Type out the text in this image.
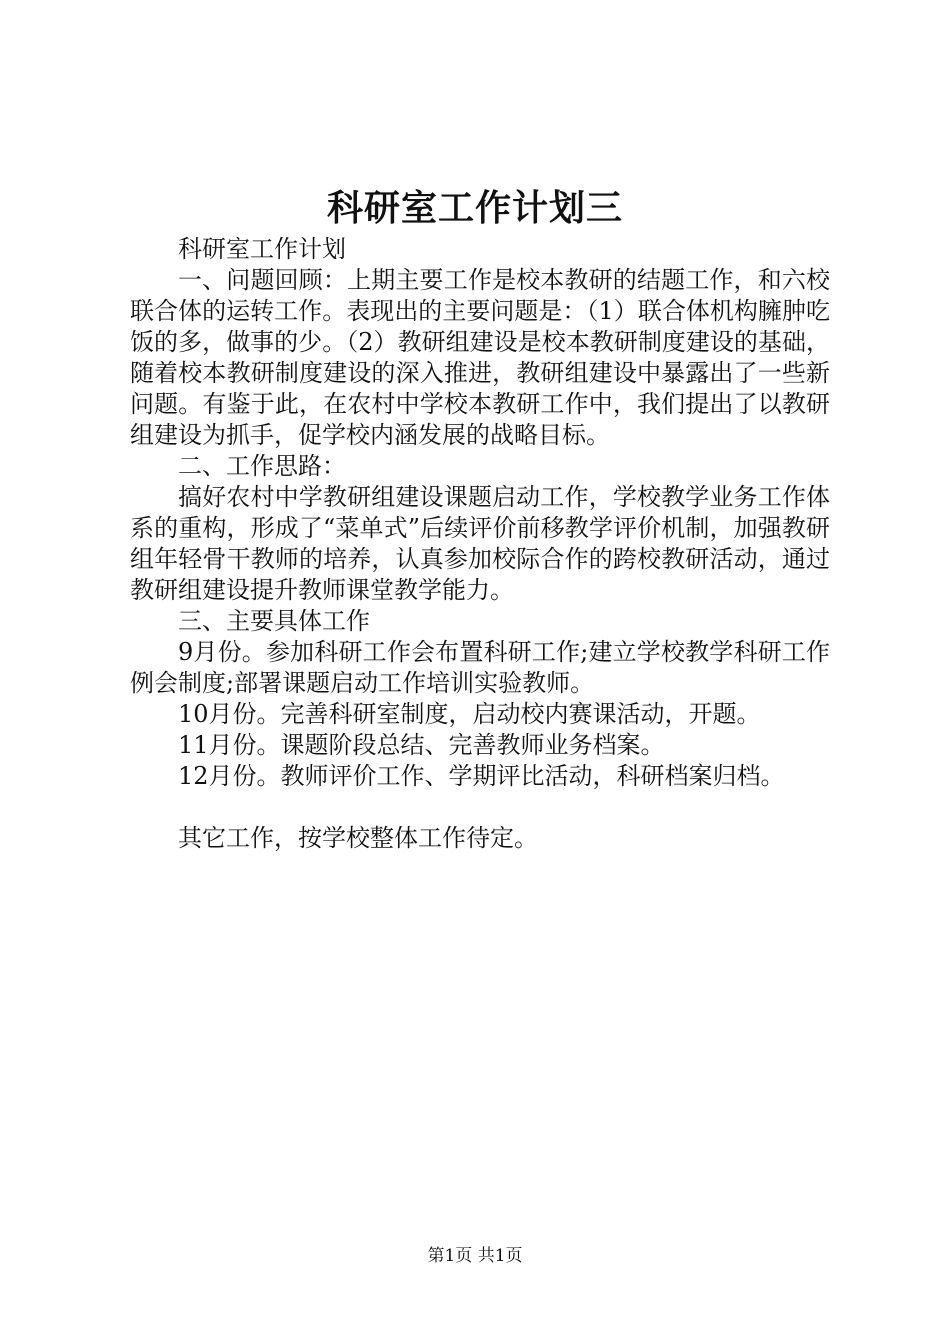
科研室工作计划三

科研室工作计划

一、问题回顾：上期主要工作是校本教研的结题工作，和六校联合体的运转工作。表现出的主要问题是：（1）联合体机构臃肿吃饭的多，做事的少。（2）教研组建设是校本教研制度建设的基础，随着校本教研制度建设的深入推进，教研组建设中暴露出了一些新问题。有鉴于此，在农村中学校本教研工作中，我们提出了以教研组建设为抓手，促学校内涵发展的战略目标。

二、工作思路：

搞好农村中学教研组建设课题启动工作，学校教学业务工作体系的重构，形成了“菜单式”后续评价前移教学评价机制，加强教研组年轻骨干教师的培养，认真参加校际合作的跨校教研活动，通过教研组建设提升教师课堂教学能力。

三、主要具体工作

9月份。参加科研工作会布置科研工作;建立学校教学科研工作例会制度;部署课题启动工作培训实验教师。

10月份。完善科研室制度，启动校内赛课活动，开题。

11月份。课题阶段总结、完善教师业务档案。

12月份。教师评价工作、学期评比活动，科研档案归档。

其它工作，按学校整体工作待定。

第1页 共1页
